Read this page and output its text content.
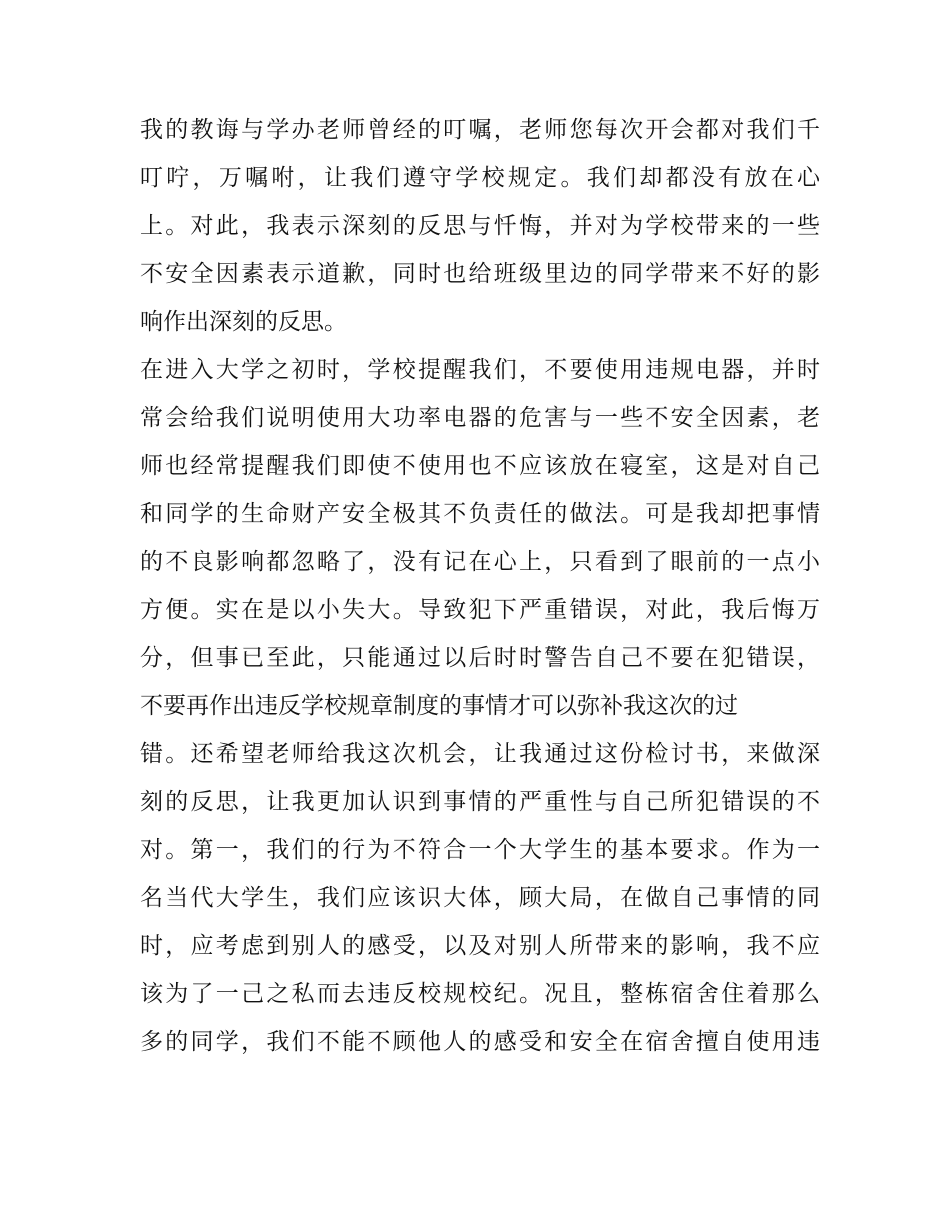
我的教诲与学办老师曾经的叮嘱，老师您每次开会都对我们千
叮咛，万嘱咐，让我们遵守学校规定。我们却都没有放在心
上。对此，我表示深刻的反思与忏悔，并对为学校带来的一些
不安全因素表示道歉，同时也给班级里边的同学带来不好的影
响作出深刻的反思。
在进入大学之初时，学校提醒我们，不要使用违规电器，并时
常会给我们说明使用大功率电器的危害与一些不安全因素，老
师也经常提醒我们即使不使用也不应该放在寝室，这是对自己
和同学的生命财产安全极其不负责任的做法。可是我却把事情
的不良影响都忽略了，没有记在心上，只看到了眼前的一点小
方便。实在是以小失大。导致犯下严重错误，对此，我后悔万
分，但事已至此，只能通过以后时时警告自己不要在犯错误，
不要再作出违反学校规章制度的事情才可以弥补我这次的过
错。还希望老师给我这次机会，让我通过这份检讨书，来做深
刻的反思，让我更加认识到事情的严重性与自己所犯错误的不
对。第一，我们的行为不符合一个大学生的基本要求。作为一
名当代大学生，我们应该识大体，顾大局，在做自己事情的同
时，应考虑到别人的感受，以及对别人所带来的影响，我不应
该为了一己之私而去违反校规校纪。况且，整栋宿舍住着那么
多的同学，我们不能不顾他人的感受和安全在宿舍擅自使用违
